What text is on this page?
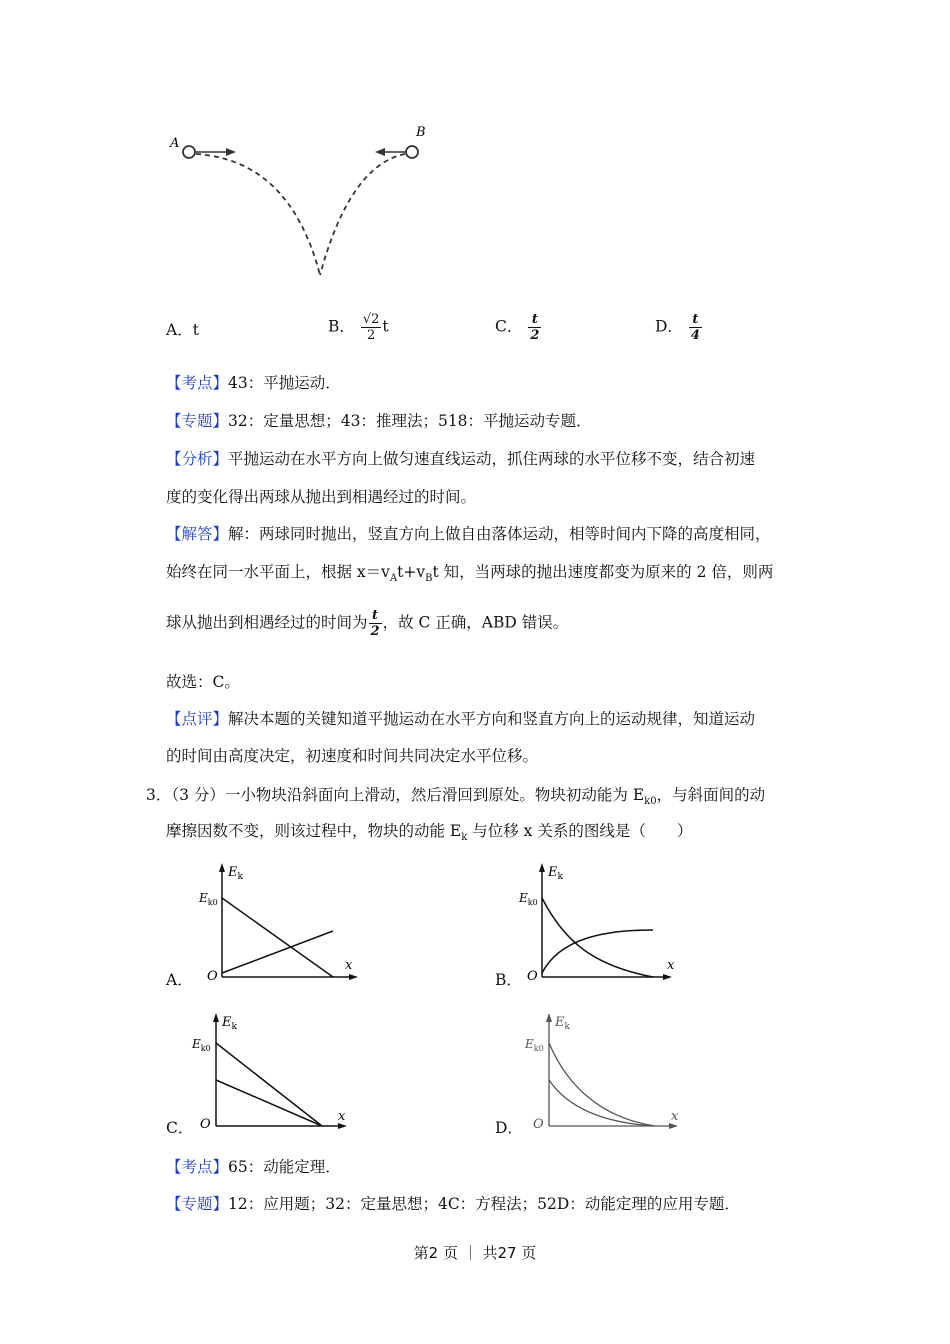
A
B
A．t	B． $\frac{√2}{2}$ t	C． $\frac{t}{2}$	D． $\frac{t}{4}$
【考点】43：平抛运动．
【专题】32：定量思想；43：推理法；518：平抛运动专题．
【分析】平抛运动在水平方向上做匀速直线运动，抓住两球的水平位移不变，结合初速
度的变化得出两球从抛出到相遇经过的时间。
【解答】解：两球同时抛出，竖直方向上做自由落体运动，相等时间内下降的高度相同，
始终在同一水平面上，根据 $x=v_At+v_Bt$ 知，当两球的抛出速度都变为原来的 2 倍，则两
球从抛出到相遇经过的时间为 $\frac{t}{2}$ ，故 C 正确，ABD 错误。
故选：C。
【点评】解决本题的关键知道平抛运动在水平方向和竖直方向上的运动规律，知道运动
的时间由高度决定，初速度和时间共同决定水平位移。
3．（3 分）一小物块沿斜面向上滑动，然后滑回到原处。物块初动能为 $E_{k0}$，与斜面间的动
摩擦因数不变，则该过程中，物块的动能 $E_k$ 与位移 x 关系的图线是（　　）
A．
$E_k$
$E_{k0}$
O
x
B．
$E_k$
$E_{k0}$
O
x
C．
$E_k$
$E_{k0}$
O
x
D．
$E_k$
$E_{k0}$
O
x
【考点】65：动能定理．
【专题】12：应用题；32：定量思想；4C：方程法；52D：动能定理的应用专题．
第2 页 ｜ 共27 页
